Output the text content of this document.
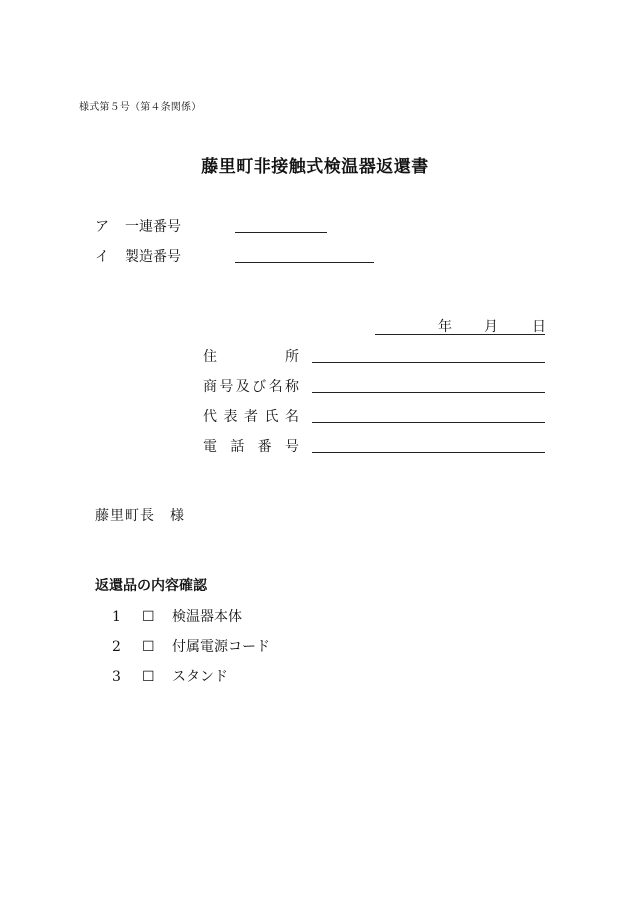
様式第５号（第４条関係）
藤里町非接触式検温器返還書
ア 一連番号
イ 製造番号
年 月 日
住	所
商 号 及 び 名 称
代 表 者 氏 名
電 話 番 号
藤里町長　様
返還品の内容確認
1 ☐ 検温器本体
2 ☐ 付属電源コード
3 ☐ スタンド
